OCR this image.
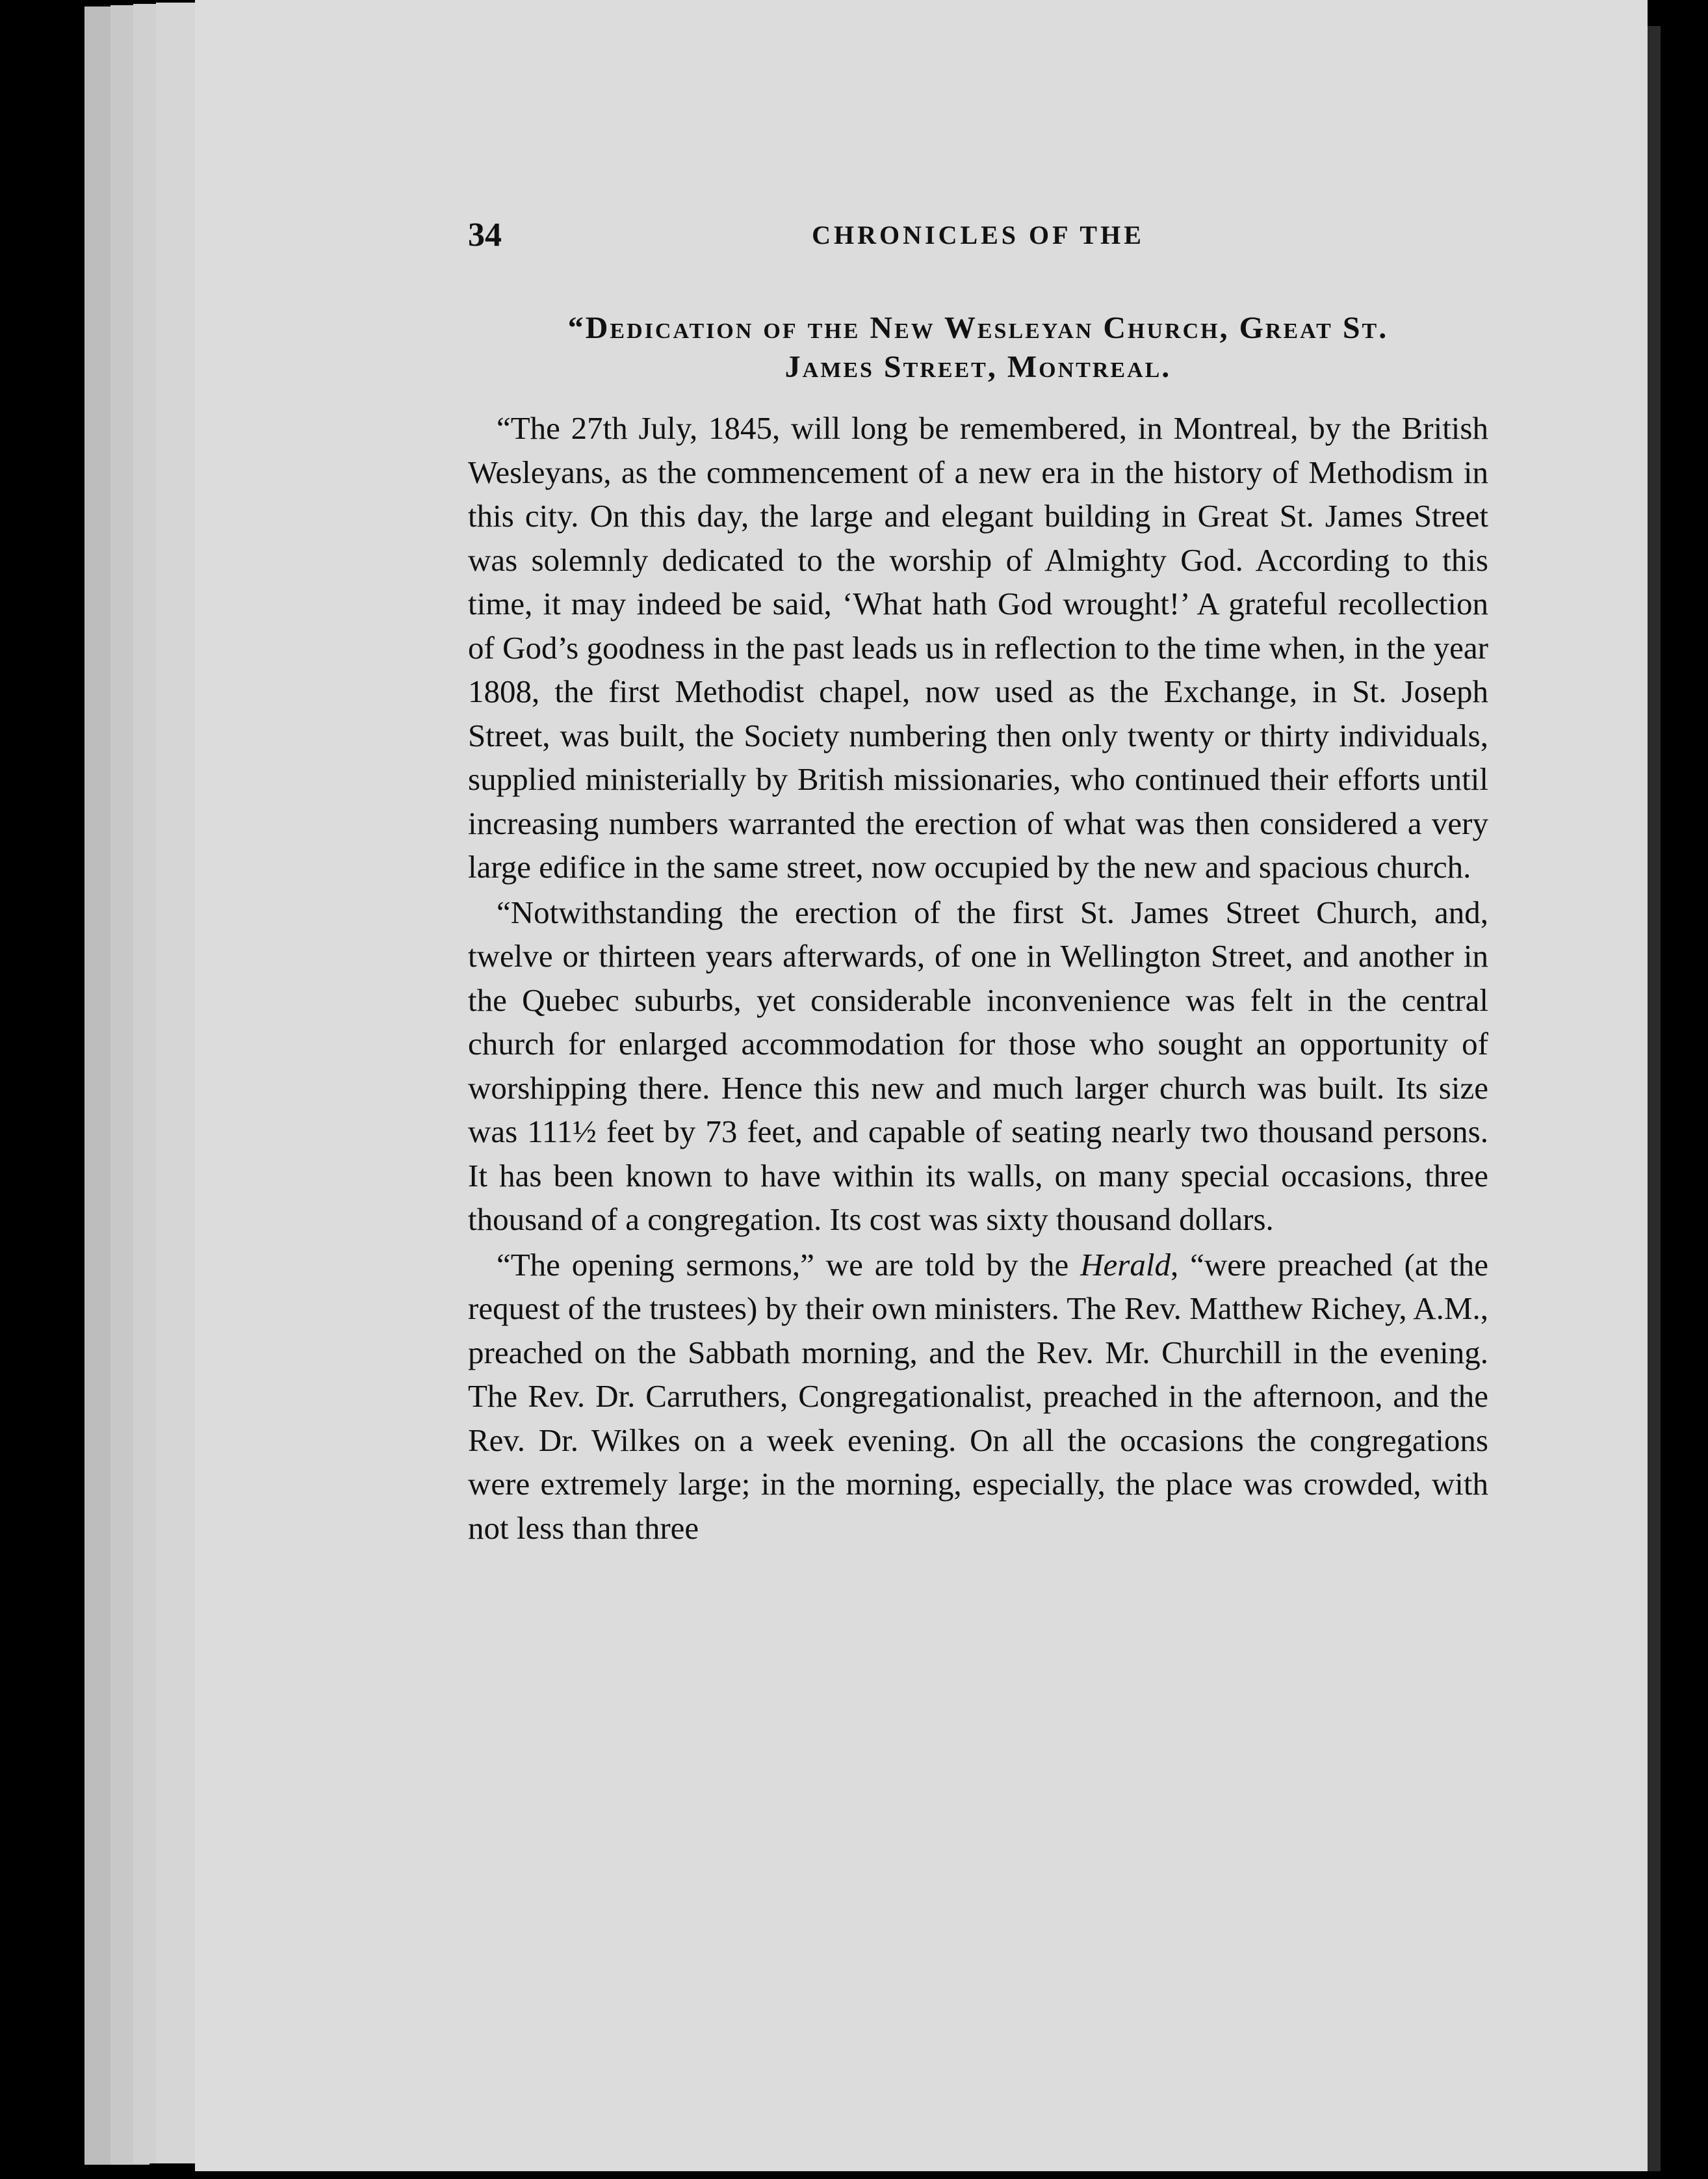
34	CHRONICLES OF THE
“Dedication of the New Wesleyan Church, Great St.
James Street, Montreal.

“The 27th July, 1845, will long be remembered, in Montreal, by the British Wesleyans, as the commencement of a new era in the history of Methodism in this city. On this day, the large and elegant building in Great St. James Street was solemnly dedicated to the worship of Almighty God. According to this time, it may indeed be said, ‘What hath God wrought!’ A grateful recollection of God’s goodness in the past leads us in reflection to the time when, in the year 1808, the first Methodist chapel, now used as the Exchange, in St. Joseph Street, was built, the Society numbering then only twenty or thirty individuals, supplied ministerially by British missionaries, who continued their efforts until increasing numbers warranted the erection of what was then considered a very large edifice in the same street, now occupied by the new and spacious church.

“Notwithstanding the erection of the first St. James Street Church, and, twelve or thirteen years afterwards, of one in Wellington Street, and another in the Quebec suburbs, yet considerable inconvenience was felt in the central church for enlarged accommodation for those who sought an opportunity of worshipping there. Hence this new and much larger church was built. Its size was 111½ feet by 73 feet, and capable of seating nearly two thousand persons. It has been known to have within its walls, on many special occasions, three thousand of a congregation. Its cost was sixty thousand dollars.

“The opening sermons,” we are told by the Herald, “were preached (at the request of the trustees) by their own ministers. The Rev. Matthew Richey, A.M., preached on the Sabbath morning, and the Rev. Mr. Churchill in the evening. The Rev. Dr. Carruthers, Congregationalist, preached in the afternoon, and the Rev. Dr. Wilkes on a week evening. On all the occasions the congregations were extremely large; in the morning, especially, the place was crowded, with not less than three
